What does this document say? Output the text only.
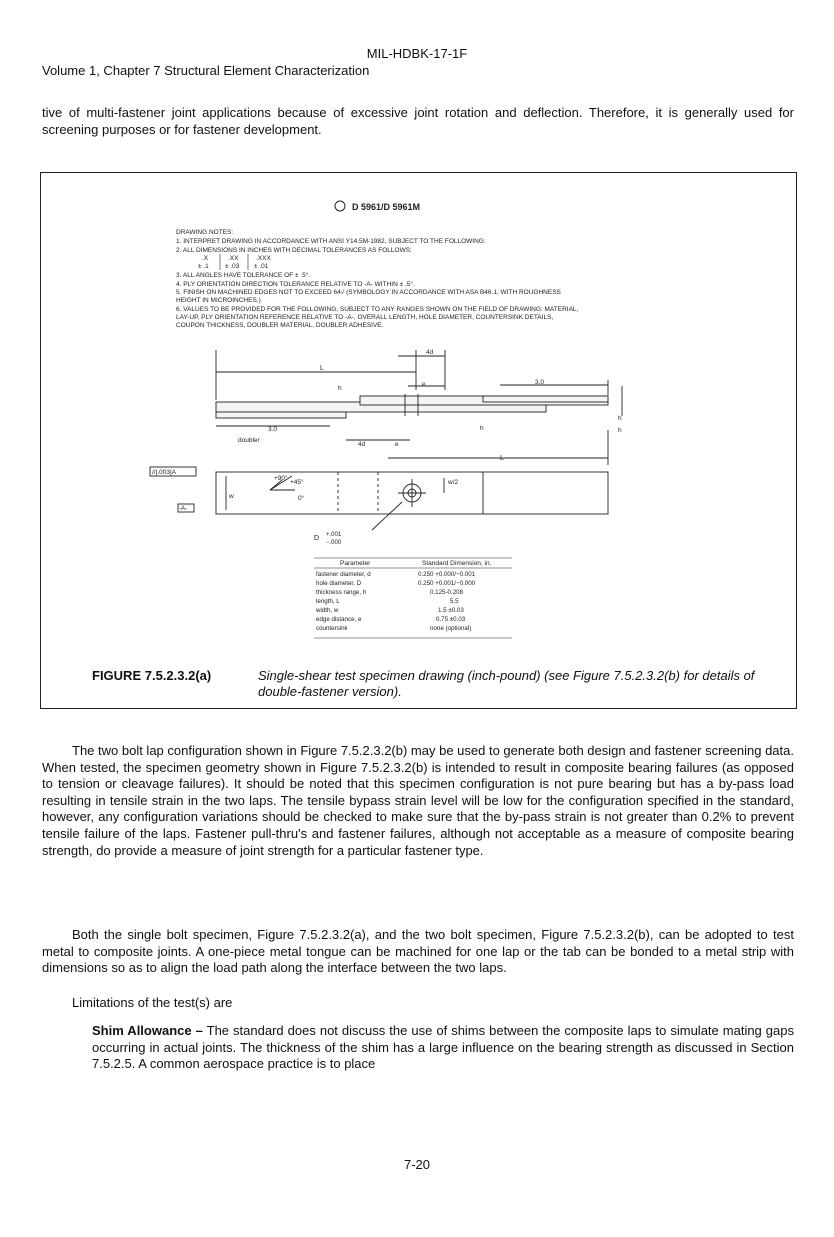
MIL-HDBK-17-1F
Volume 1, Chapter 7 Structural Element Characterization

tive of multi-fastener joint applications because of excessive joint rotation and deflection. Therefore, it is generally used for screening purposes or for fastener development.

D 5961/D 5961M
DRAWING NOTES:
1. INTERPRET DRAWING IN ACCORDANCE WITH ANSI Y14.5M-1982, SUBJECT TO THE FOLLOWING:
2. ALL DIMENSIONS IN INCHES WITH DECIMAL TOLERANCES AS FOLLOWS:
.X	.XX	.XXX
± .1 ± .03 ± .01
3. ALL ANGLES HAVE TOLERANCE OF ± .5°.
4. PLY ORIENTATION DIRECTION TOLERANCE RELATIVE TO -A- WITHIN ± .5°.
5. FINISH ON MACHINED EDGES NOT TO EXCEED 64√ (SYMBOLOGY IN ACCORDANCE WITH ASA B46.1, WITH ROUGHNESS
HEIGHT IN MICROINCHES.)
6. VALUES TO BE PROVIDED FOR THE FOLLOWING, SUBJECT TO ANY RANGES SHOWN ON THE FIELD OF DRAWING: MATERIAL,
LAY-UP, PLY ORIENTATION REFERENCE RELATIVE TO -A-, OVERALL LENGTH, HOLE DIAMETER, COUNTERSINK DETAILS,
COUPON THICKNESS, DOUBLER MATERIAL, DOUBLER ADHESIVE.
L
4d
h
e	3.0
h
h
h
3.0
doubler
4d	e
L
//|.003|A
w
+90°
+45°
0°
w/2
-A-
D +.001
−.000
Parameter	Standard Dimension, in.
fastener diameter, d	0.250 +0.000/−0.001
hole diameter, D	0.250 +0.001/−0.000
thickness range, h	0.125-0.208
length, L	5.5
width, w	1.5 ±0.03
edge distance, e	0.75 ±0.03
countersink	none (optional)
FIGURE 7.5.2.3.2(a)	Single-shear test specimen drawing (inch-pound) (see Figure 7.5.2.3.2(b) for details of double-fastener version).

The two bolt lap configuration shown in Figure 7.5.2.3.2(b) may be used to generate both design and fastener screening data. When tested, the specimen geometry shown in Figure 7.5.2.3.2(b) is intended to result in composite bearing failures (as opposed to tension or cleavage failures). It should be noted that this specimen configuration is not pure bearing but has a by-pass load resulting in tensile strain in the two laps. The tensile bypass strain level will be low for the configuration specified in the standard, however, any configuration variations should be checked to make sure that the by-pass strain is not greater than 0.2% to prevent tensile failure of the laps. Fastener pull-thru's and fastener failures, although not acceptable as a measure of composite bearing strength, do provide a measure of joint strength for a particular fastener type.

Both the single bolt specimen, Figure 7.5.2.3.2(a), and the two bolt specimen, Figure 7.5.2.3.2(b), can be adopted to test metal to composite joints. A one-piece metal tongue can be machined for one lap or the tab can be bonded to a metal strip with dimensions so as to align the load path along the interface between the two laps.

Limitations of the test(s) are

Shim Allowance – The standard does not discuss the use of shims between the composite laps to simulate mating gaps occurring in actual joints. The thickness of the shim has a large influence on the bearing strength as discussed in Section 7.5.2.5. A common aerospace practice is to place

7-20
